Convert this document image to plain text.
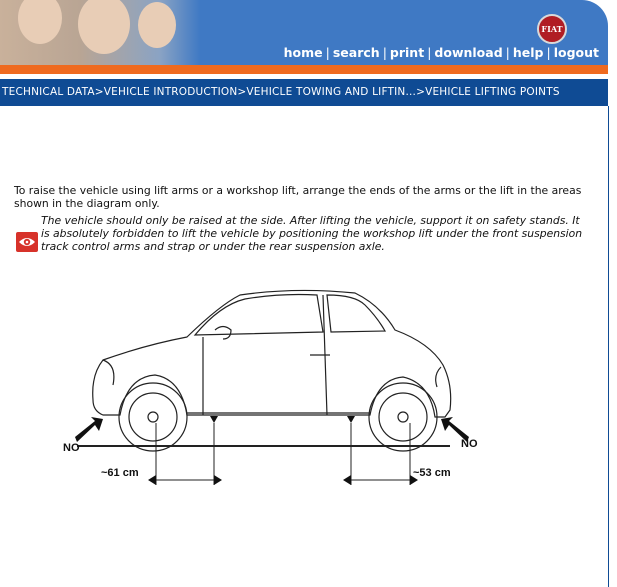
FIAT
home | search | print | download | help | logout
TECHNICAL DATA>VEHICLE INTRODUCTION>VEHICLE TOWING AND LIFTIN...>VEHICLE LIFTING POINTS

To raise the vehicle using lift arms or a workshop lift, arrange the ends of the arms or the lift in the areas shown in the diagram only.

The vehicle should only be raised at the side. After lifting the vehicle, support it on safety stands. It is absolutely forbidden to lift the vehicle by positioning the workshop lift under the front suspension track control arms and strap or under the rear suspension axle.

NO	NO
~61 cm	~53 cm
